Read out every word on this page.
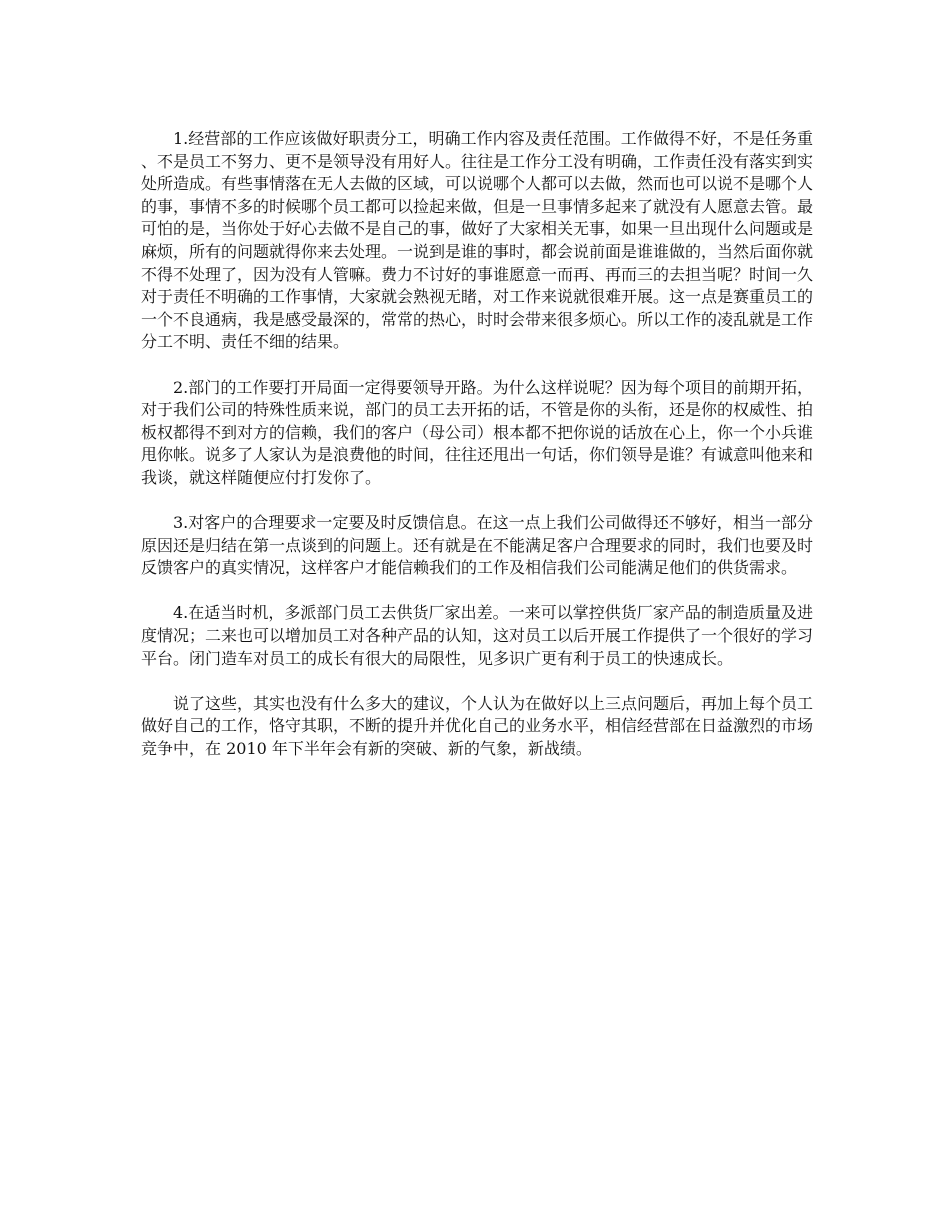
1.经营部的工作应该做好职责分工，明确工作内容及责任范围。工作做得不好，不是任务重、不是员工不努力、更不是领导没有用好人。往往是工作分工没有明确，工作责任没有落实到实处所造成。有些事情落在无人去做的区域，可以说哪个人都可以去做，然而也可以说不是哪个人的事，事情不多的时候哪个员工都可以捡起来做，但是一旦事情多起来了就没有人愿意去管。最可怕的是，当你处于好心去做不是自己的事，做好了大家相关无事，如果一旦出现什么问题或是麻烦，所有的问题就得你来去处理。一说到是谁的事时，都会说前面是谁谁做的，当然后面你就不得不处理了，因为没有人管嘛。费力不讨好的事谁愿意一而再、再而三的去担当呢？时间一久对于责任不明确的工作事情，大家就会熟视无睹，对工作来说就很难开展。这一点是赛重员工的一个不良通病，我是感受最深的，常常的热心，时时会带来很多烦心。所以工作的凌乱就是工作分工不明、责任不细的结果。

2.部门的工作要打开局面一定得要领导开路。为什么这样说呢？因为每个项目的前期开拓，对于我们公司的特殊性质来说，部门的员工去开拓的话，不管是你的头衔，还是你的权威性、拍板权都得不到对方的信赖，我们的客户（母公司）根本都不把你说的话放在心上，你一个小兵谁甩你帐。说多了人家认为是浪费他的时间，往往还甩出一句话，你们领导是谁？有诚意叫他来和我谈，就这样随便应付打发你了。

3.对客户的合理要求一定要及时反馈信息。在这一点上我们公司做得还不够好，相当一部分原因还是归结在第一点谈到的问题上。还有就是在不能满足客户合理要求的同时，我们也要及时反馈客户的真实情况，这样客户才能信赖我们的工作及相信我们公司能满足他们的供货需求。

4.在适当时机，多派部门员工去供货厂家出差。一来可以掌控供货厂家产品的制造质量及进度情况；二来也可以增加员工对各种产品的认知，这对员工以后开展工作提供了一个很好的学习平台。闭门造车对员工的成长有很大的局限性，见多识广更有利于员工的快速成长。

说了这些，其实也没有什么多大的建议，个人认为在做好以上三点问题后，再加上每个员工做好自己的工作，恪守其职，不断的提升并优化自己的业务水平，相信经营部在日益激烈的市场竞争中，在 2010 年下半年会有新的突破、新的气象，新战绩。
